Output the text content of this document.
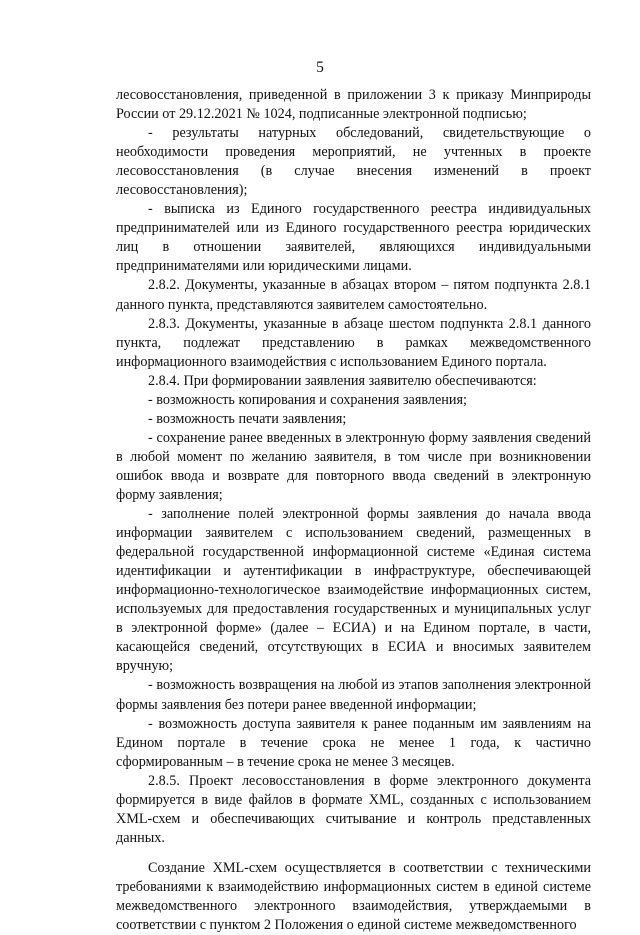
5

лесовосстановления, приведенной в приложении 3 к приказу Минприроды России от 29.12.2021 № 1024, подписанные электронной подписью;

- результаты натурных обследований, свидетельствующие о необходимости проведения мероприятий, не учтенных в проекте лесовосстановления (в случае внесения изменений в проект лесовосстановления);

- выписка из Единого государственного реестра индивидуальных предпринимателей или из Единого государственного реестра юридических лиц в отношении заявителей, являющихся индивидуальными предпринимателями или юридическими лицами.

2.8.2. Документы, указанные в абзацах втором – пятом подпункта 2.8.1 данного пункта, представляются заявителем самостоятельно.

2.8.3. Документы, указанные в абзаце шестом подпункта 2.8.1 данного пункта, подлежат представлению в рамках межведомственного информационного взаимодействия с использованием Единого портала.

2.8.4. При формировании заявления заявителю обеспечиваются:

- возможность копирования и сохранения заявления;

- возможность печати заявления;

- сохранение ранее введенных в электронную форму заявления сведений в любой момент по желанию заявителя, в том числе при возникновении ошибок ввода и возврате для повторного ввода сведений в электронную форму заявления;

- заполнение полей электронной формы заявления до начала ввода информации заявителем с использованием сведений, размещенных в федеральной государственной информационной системе «Единая система идентификации и аутентификации в инфраструктуре, обеспечивающей информационно-технологическое взаимодействие информационных систем, используемых для предоставления государственных и муниципальных услуг в электронной форме» (далее – ЕСИА) и на Едином портале, в части, касающейся сведений, отсутствующих в ЕСИА и вносимых заявителем вручную;

- возможность возвращения на любой из этапов заполнения электронной формы заявления без потери ранее введенной информации;

- возможность доступа заявителя к ранее поданным им заявлениям на Едином портале в течение срока не менее 1 года, к частично сформированным – в течение срока не менее 3 месяцев.

2.8.5. Проект лесовосстановления в форме электронного документа формируется в виде файлов в формате XML, созданных с использованием XML-схем и обеспечивающих считывание и контроль представленных данных.

Создание XML-схем осуществляется в соответствии с техническими требованиями к взаимодействию информационных систем в единой системе межведомственного электронного взаимодействия, утверждаемыми в соответствии с пунктом 2 Положения о единой системе межведомственного
